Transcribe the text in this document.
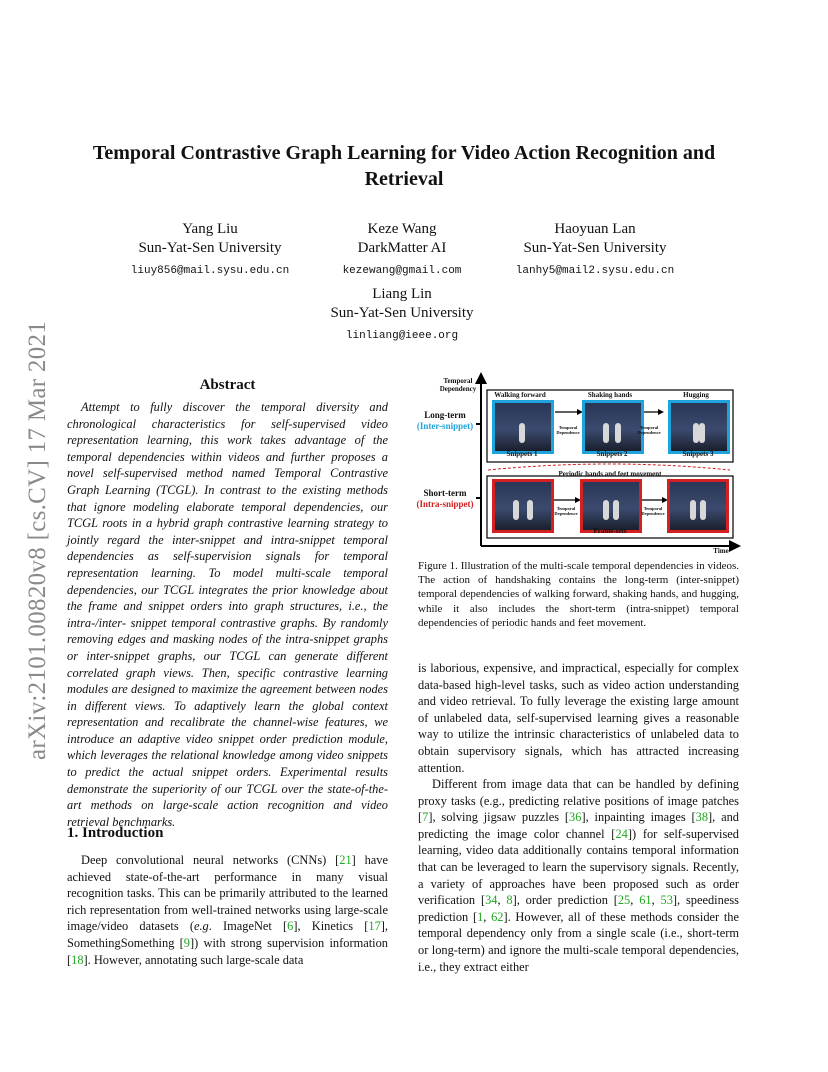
arXiv:2101.00820v8 [cs.CV] 17 Mar 2021
Temporal Contrastive Graph Learning for Video Action Recognition and Retrieval
Yang Liu
Sun-Yat-Sen University
liuy856@mail.sysu.edu.cn
Keze Wang
DarkMatter AI
kezewang@gmail.com
Haoyuan Lan
Sun-Yat-Sen University
lanhy5@mail2.sysu.edu.cn
Liang Lin
Sun-Yat-Sen University
linliang@ieee.org
Abstract

Attempt to fully discover the temporal diversity and chronological characteristics for self-supervised video representation learning, this work takes advantage of the temporal dependencies within videos and further proposes a novel self-supervised method named Temporal Contrastive Graph Learning (TCGL). In contrast to the existing methods that ignore modeling elaborate temporal dependencies, our TCGL roots in a hybrid graph contrastive learning strategy to jointly regard the inter-snippet and intra-snippet temporal dependencies as self-supervision signals for temporal representation learning. To model multi-scale temporal dependencies, our TCGL integrates the prior knowledge about the frame and snippet orders into graph structures, i.e., the intra-/inter- snippet temporal contrastive graphs. By randomly removing edges and masking nodes of the intra-snippet graphs or inter-snippet graphs, our TCGL can generate different correlated graph views. Then, specific contrastive learning modules are designed to maximize the agreement between nodes in different views. To adaptively learn the global context representation and recalibrate the channel-wise features, we introduce an adaptive video snippet order prediction module, which leverages the relational knowledge among video snippets to predict the actual snippet orders. Experimental results demonstrate the superiority of our TCGL over the state-of-the-art methods on large-scale action recognition and video retrieval benchmarks.

1. Introduction

Deep convolutional neural networks (CNNs) [21] have achieved state-of-the-art performance in many visual recognition tasks. This can be primarily attributed to the learned rich representation from well-trained networks using large-scale image/video datasets (e.g. ImageNet [6], Kinetics [17], SomethingSomething [9]) with strong supervision information [18]. However, annotating such large-scale data

Temporal Dependency
Time
Long-term
(Inter-snippet)
Short-term
(Intra-snippet)
Walking forward	Shaking hands	Hugging
Temporal Dependence
Temporal Dependence
Snippets 1	Snippets 2	Snippets 3
Periodic hands and feet movement
Temporal Dependence
Temporal Dependence
Frame-sets

Figure 1. Illustration of the multi-scale temporal dependencies in videos. The action of handshaking contains the long-term (inter-snippet) temporal dependencies of walking forward, shaking hands, and hugging, while it also includes the short-term (intra-snippet) temporal dependencies of periodic hands and feet movement.

is laborious, expensive, and impractical, especially for complex data-based high-level tasks, such as video action understanding and video retrieval. To fully leverage the existing large amount of unlabeled data, self-supervised learning gives a reasonable way to utilize the intrinsic characteristics of unlabeled data to obtain supervisory signals, which has attracted increasing attention.

Different from image data that can be handled by defining proxy tasks (e.g., predicting relative positions of image patches [7], solving jigsaw puzzles [36], inpainting images [38], and predicting the image color channel [24]) for self-supervised learning, video data additionally contains temporal information that can be leveraged to learn the supervisory signals. Recently, a variety of approaches have been proposed such as order verification [34, 8], order prediction [25, 61, 53], speediness prediction [1, 62]. However, all of these methods consider the temporal dependency only from a single scale (i.e., short-term or long-term) and ignore the multi-scale temporal dependencies, i.e., they extract either
